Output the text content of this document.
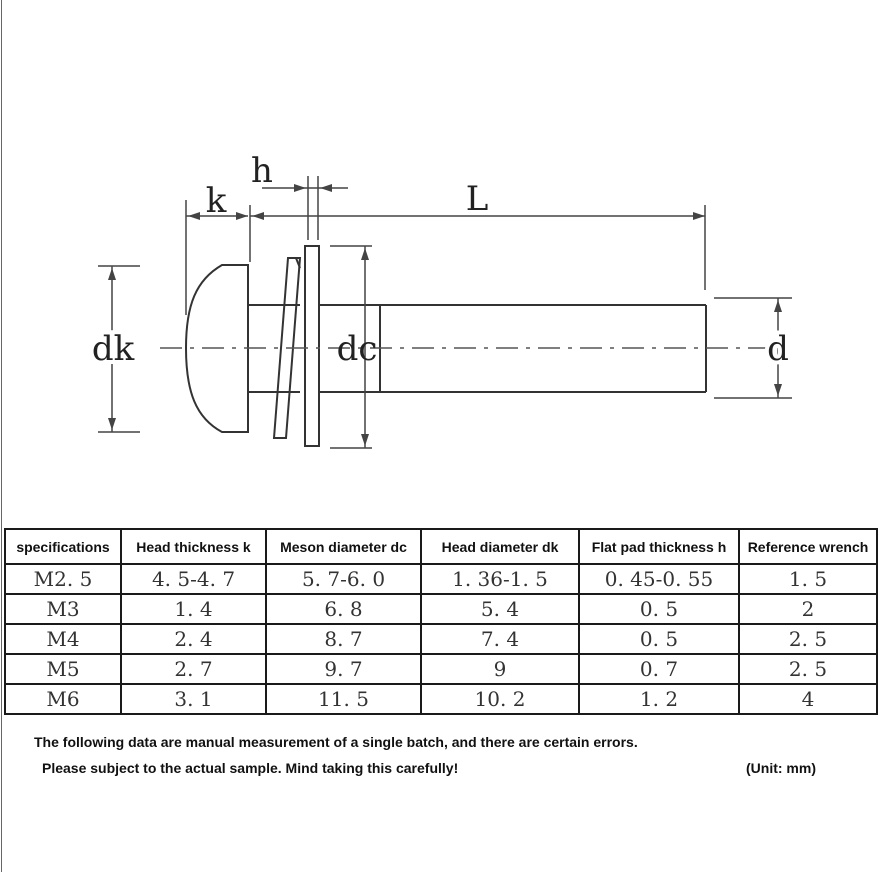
h
k	L
dk	dc	d
specifications	Head thickness k	Meson diameter dc	Head diameter dk	Flat pad thickness h	Reference wrench
M2. 5	4. 5-4. 7	5. 7-6. 0	1. 36-1. 5	0. 45-0. 55	1. 5
M3	1. 4	6. 8	5. 4	0. 5	2
M4	2. 4	8. 7	7. 4	0. 5	2. 5
M5	2. 7	9. 7	9	0. 7	2. 5
M6	3. 1	11. 5	10. 2	1. 2	4
The following data are manual measurement of a single batch, and there are certain errors.
Please subject to the actual sample. Mind taking this carefully!	(Unit: mm)
